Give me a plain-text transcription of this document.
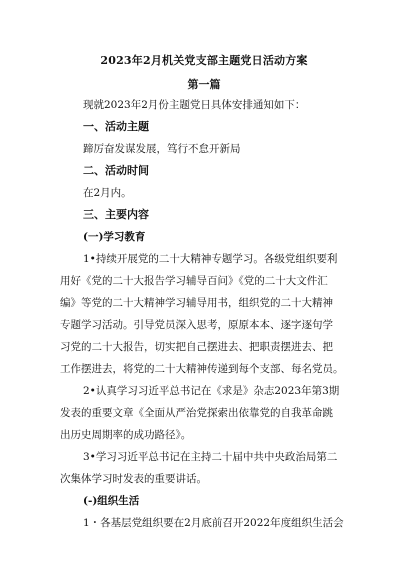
2023年2月机关党支部主题党日活动方案
第一篇
现就2023年2月份主题党日具体安排通知如下：
一、活动主题
蹄厉奋发谋发展，笃行不怠开新局
二、活动时间
在2月内。
三、主要内容
(一)学习教育
1•持续开展党的二十大精神专题学习。各级党组织要利
用好《党的二十大报告学习辅导百问》《党的二十大文件汇
编》等党的二十大精神学习辅导用书，组织党的二十大精神
专题学习活动。引导党员深入思考，原原本本、逐字逐句学
习党的二十大报告，切实把自己摆进去、把职责摆进去、把
工作摆进去，将党的二十大精神传递到每个支部、每名党员。
2•认真学习习近平总书记在《求是》杂志2023年第3期
发表的重要文章《全面从严治党探索出依靠党的自我革命跳
出历史周期率的成功路径》。
3•学习习近平总书记在主持二十届中共中央政治局第二
次集体学习时发表的重要讲话。
(-)组织生活
1・各基层党组织要在2月底前召开2022年度组织生活会
